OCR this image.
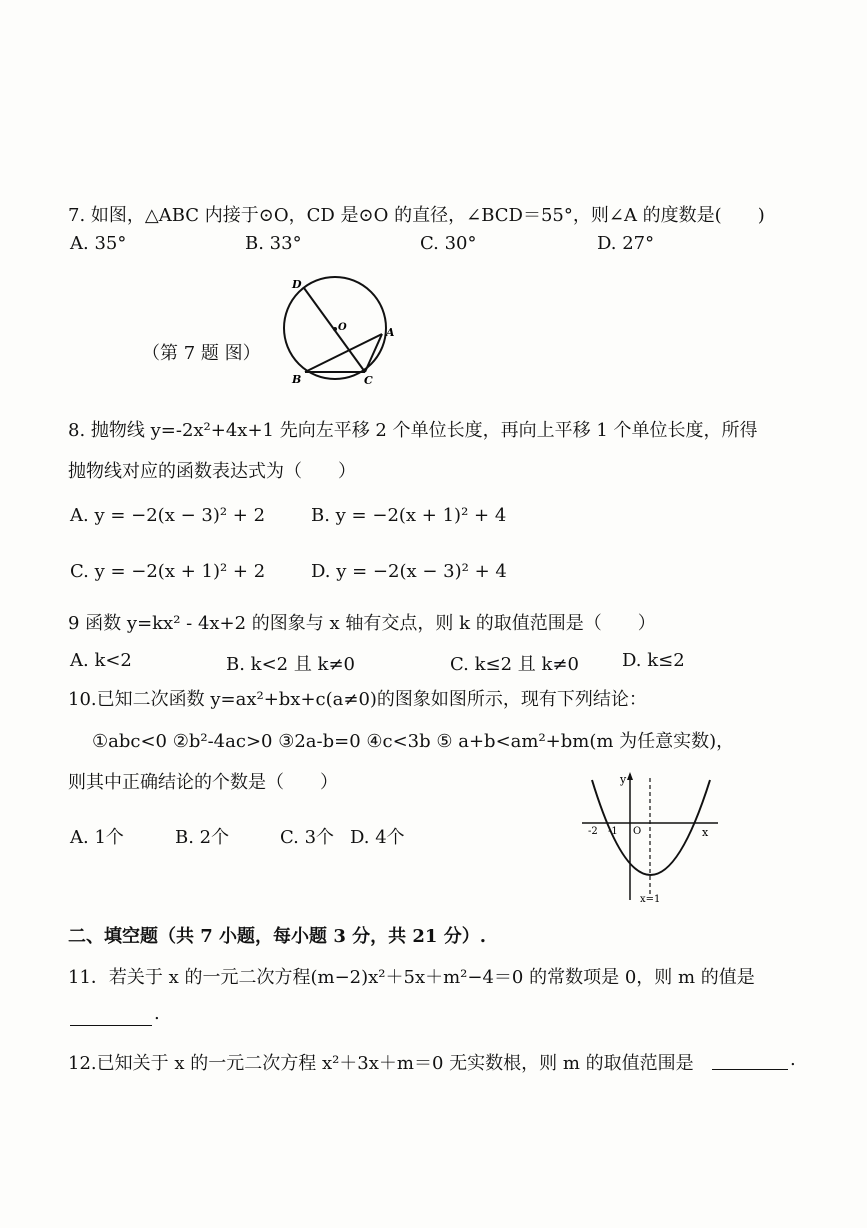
7. 如图，△ABC 内接于⊙O，CD 是⊙O 的直径，∠BCD＝55°，则∠A 的度数是(　　)
A. 35°	B. 33°	C. 30°	D. 27°
（第 7 题 图）
D
O	A
B	C
8. 抛物线 y=-2x²+4x+1 先向左平移 2 个单位长度，再向上平移 1 个单位长度，所得
抛物线对应的函数表达式为（　　）
A. y = −2(x − 3)² + 2	B. y = −2(x + 1)² + 4
C. y = −2(x + 1)² + 2	D. y = −2(x − 3)² + 4
9 函数 y=kx² - 4x+2 的图象与 x 轴有交点，则 k 的取值范围是（　　）
A. k<2	B. k<2 且 k≠0	C. k≤2 且 k≠0 D. k≤2
10.已知二次函数 y=ax²+bx+c(a≠0)的图象如图所示，现有下列结论：
①abc<0 ②b²-4ac>0 ③2a-b=0 ④c<3b ⑤ a+b<am²+bm(m 为任意实数)，
则其中正确结论的个数是（　　）
A. 1个	B. 2个	C. 3个 D. 4个
y
x
O
-2 -1
x=1
二、填空题（共 7 小题，每小题 3 分，共 21 分）.
11．若关于 x 的一元二次方程(m−2)x²＋5x＋m²−4＝0 的常数项是 0，则 m 的值是
.
12.已知关于 x 的一元二次方程 x²＋3x＋m＝0 无实数根，则 m 的取值范围是	.
